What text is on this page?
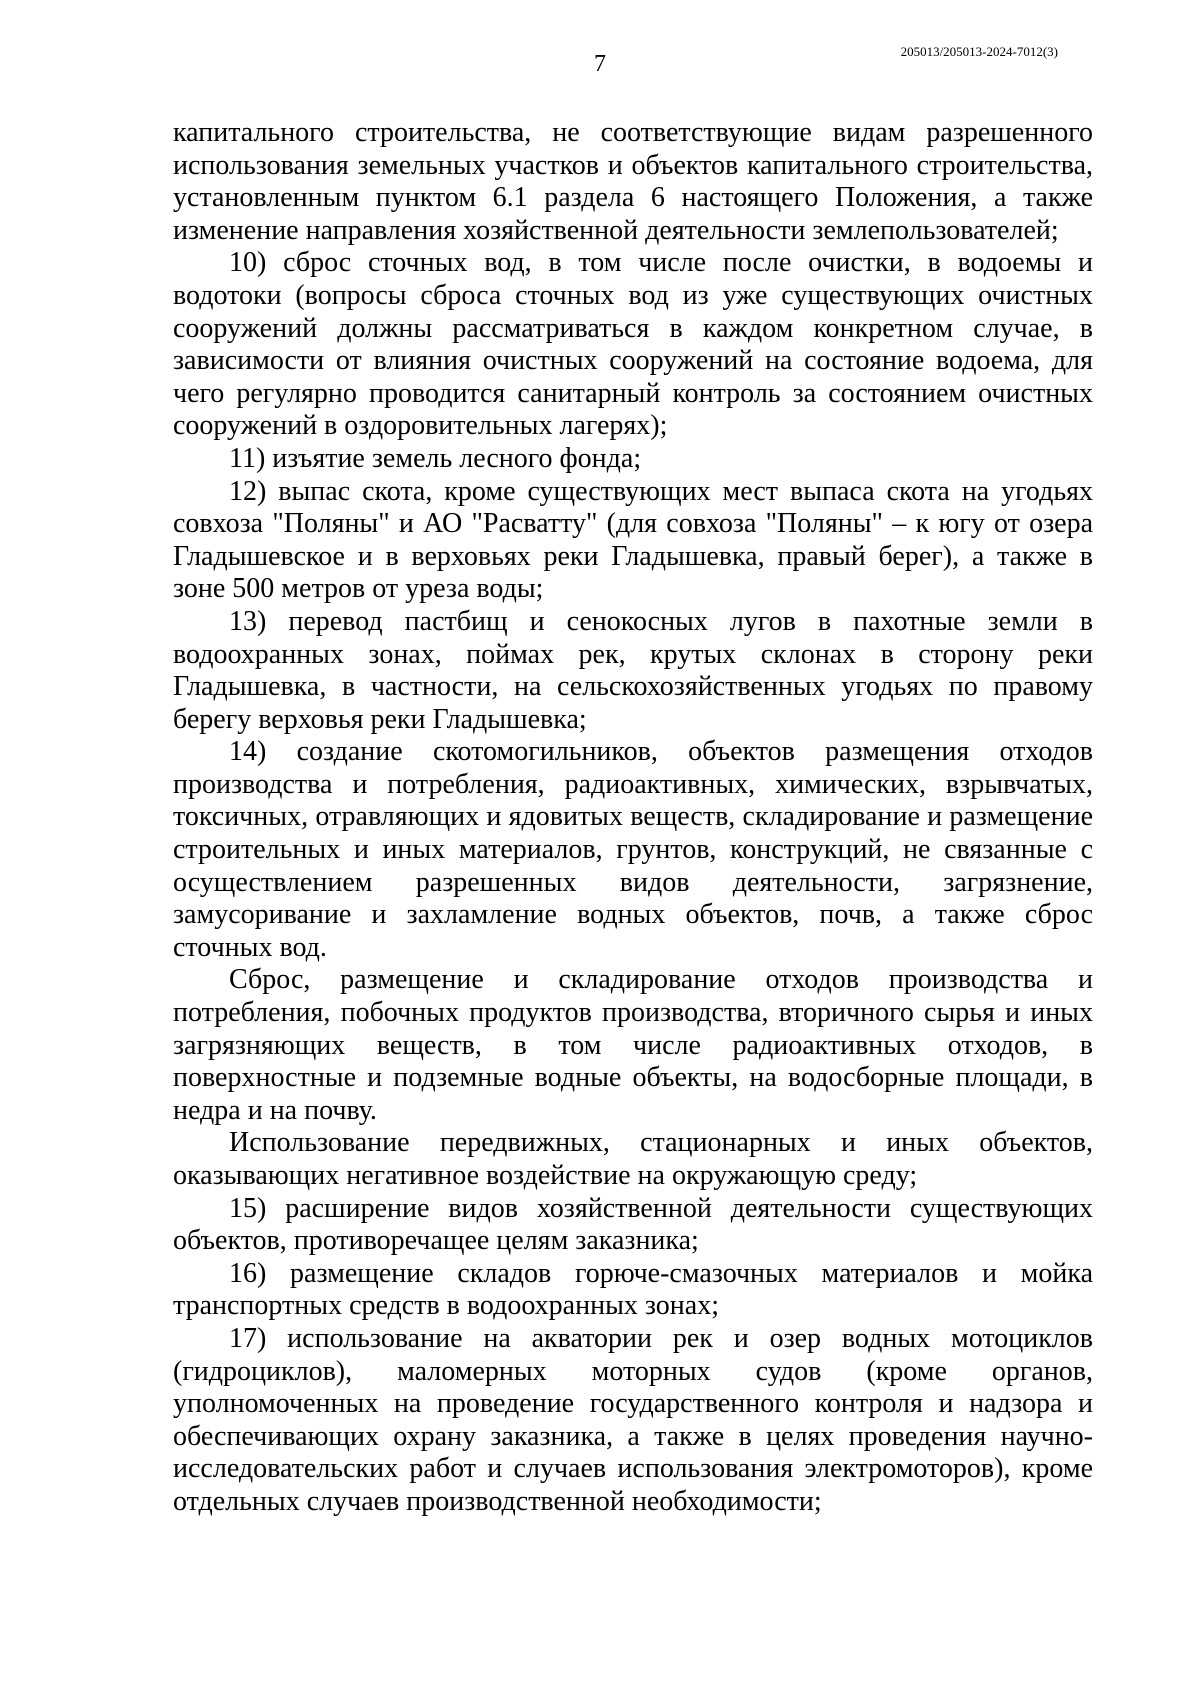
7	205013/205013-2024-7012(3)

капитального строительства, не соответствующие видам разрешенного использования земельных участков и объектов капитального строительства, установленным пунктом 6.1 раздела 6 настоящего Положения, а также изменение направления хозяйственной деятельности землепользователей;

10) сброс сточных вод, в том числе после очистки, в водоемы и водотоки (вопросы сброса сточных вод из уже существующих очистных сооружений должны рассматриваться в каждом конкретном случае, в зависимости от влияния очистных сооружений на состояние водоема, для чего регулярно проводится санитарный контроль за состоянием очистных сооружений в оздоровительных лагерях);

11) изъятие земель лесного фонда;

12) выпас скота, кроме существующих мест выпаса скота на угодьях совхоза "Поляны" и АО "Расватту" (для совхоза "Поляны" – к югу от озера Гладышевское и в верховьях реки Гладышевка, правый берег), а также в зоне 500 метров от уреза воды;

13) перевод пастбищ и сенокосных лугов в пахотные земли в водоохранных зонах, поймах рек, крутых склонах в сторону реки Гладышевка, в частности, на сельскохозяйственных угодьях по правому берегу верховья реки Гладышевка;

14) создание скотомогильников, объектов размещения отходов производства и потребления, радиоактивных, химических, взрывчатых, токсичных, отравляющих и ядовитых веществ, складирование и размещение строительных и иных материалов, грунтов, конструкций, не связанные с осуществлением разрешенных видов деятельности, загрязнение, замусоривание и захламление водных объектов, почв, а также сброс сточных вод.

Сброс, размещение и складирование отходов производства и потребления, побочных продуктов производства, вторичного сырья и иных загрязняющих веществ, в том числе радиоактивных отходов, в поверхностные и подземные водные объекты, на водосборные площади, в недра и на почву.

Использование передвижных, стационарных и иных объектов, оказывающих негативное воздействие на окружающую среду;

15) расширение видов хозяйственной деятельности существующих объектов, противоречащее целям заказника;

16) размещение складов горюче-смазочных материалов и мойка транспортных средств в водоохранных зонах;

17) использование на акватории рек и озер водных мотоциклов (гидроциклов), маломерных моторных судов (кроме органов, уполномоченных на проведение государственного контроля и надзора и обеспечивающих охрану заказника, а также в целях проведения научно-исследовательских работ и случаев использования электромоторов), кроме отдельных случаев производственной необходимости;
